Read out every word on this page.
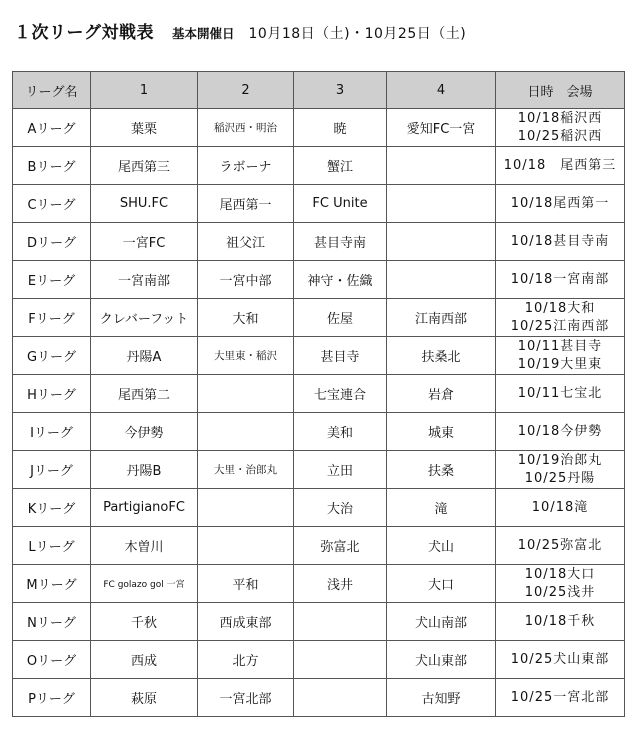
１次リーグ対戦表 基本開催日 10月18日（土)・10月25日（土)
リーグ名	1	2	3	4	日時　会場
Aリーグ	葉栗	稲沢西・明治	暁	愛知FC一宮	10/18稲沢西
10/25稲沢西

Bリーグ	尾西第三	ラボーナ	蟹江		10/18　尾西第三

Cリーグ	SHU.FC	尾西第一	FC Unite		10/18尾西第一

Dリーグ	一宮FC	祖父江	甚目寺南		10/18甚目寺南

Eリーグ	一宮南部	一宮中部	神守・佐織		10/18一宮南部

Fリーグ	クレバーフット	大和	佐屋	江南西部	10/18大和
10/25江南西部

Gリーグ	丹陽A	大里東・稲沢	甚目寺	扶桑北	10/11甚目寺
10/19大里東

Hリーグ	尾西第二		七宝連合	岩倉	10/11七宝北

Iリーグ	今伊勢		美和	城東	10/18今伊勢

Jリーグ	丹陽B	大里・治郎丸	立田	扶桑	10/19治郎丸
10/25丹陽

Kリーグ	PartigianoFC		大治	滝	10/18滝

Lリーグ	木曽川		弥富北	犬山	10/25弥富北

Mリーグ	FC golazo gol 一宮	平和	浅井	大口	10/18大口
10/25浅井

Nリーグ	千秋	西成東部		犬山南部	10/18千秋

Oリーグ	西成	北方		犬山東部	10/25犬山東部

Pリーグ	萩原	一宮北部		古知野	10/25一宮北部
